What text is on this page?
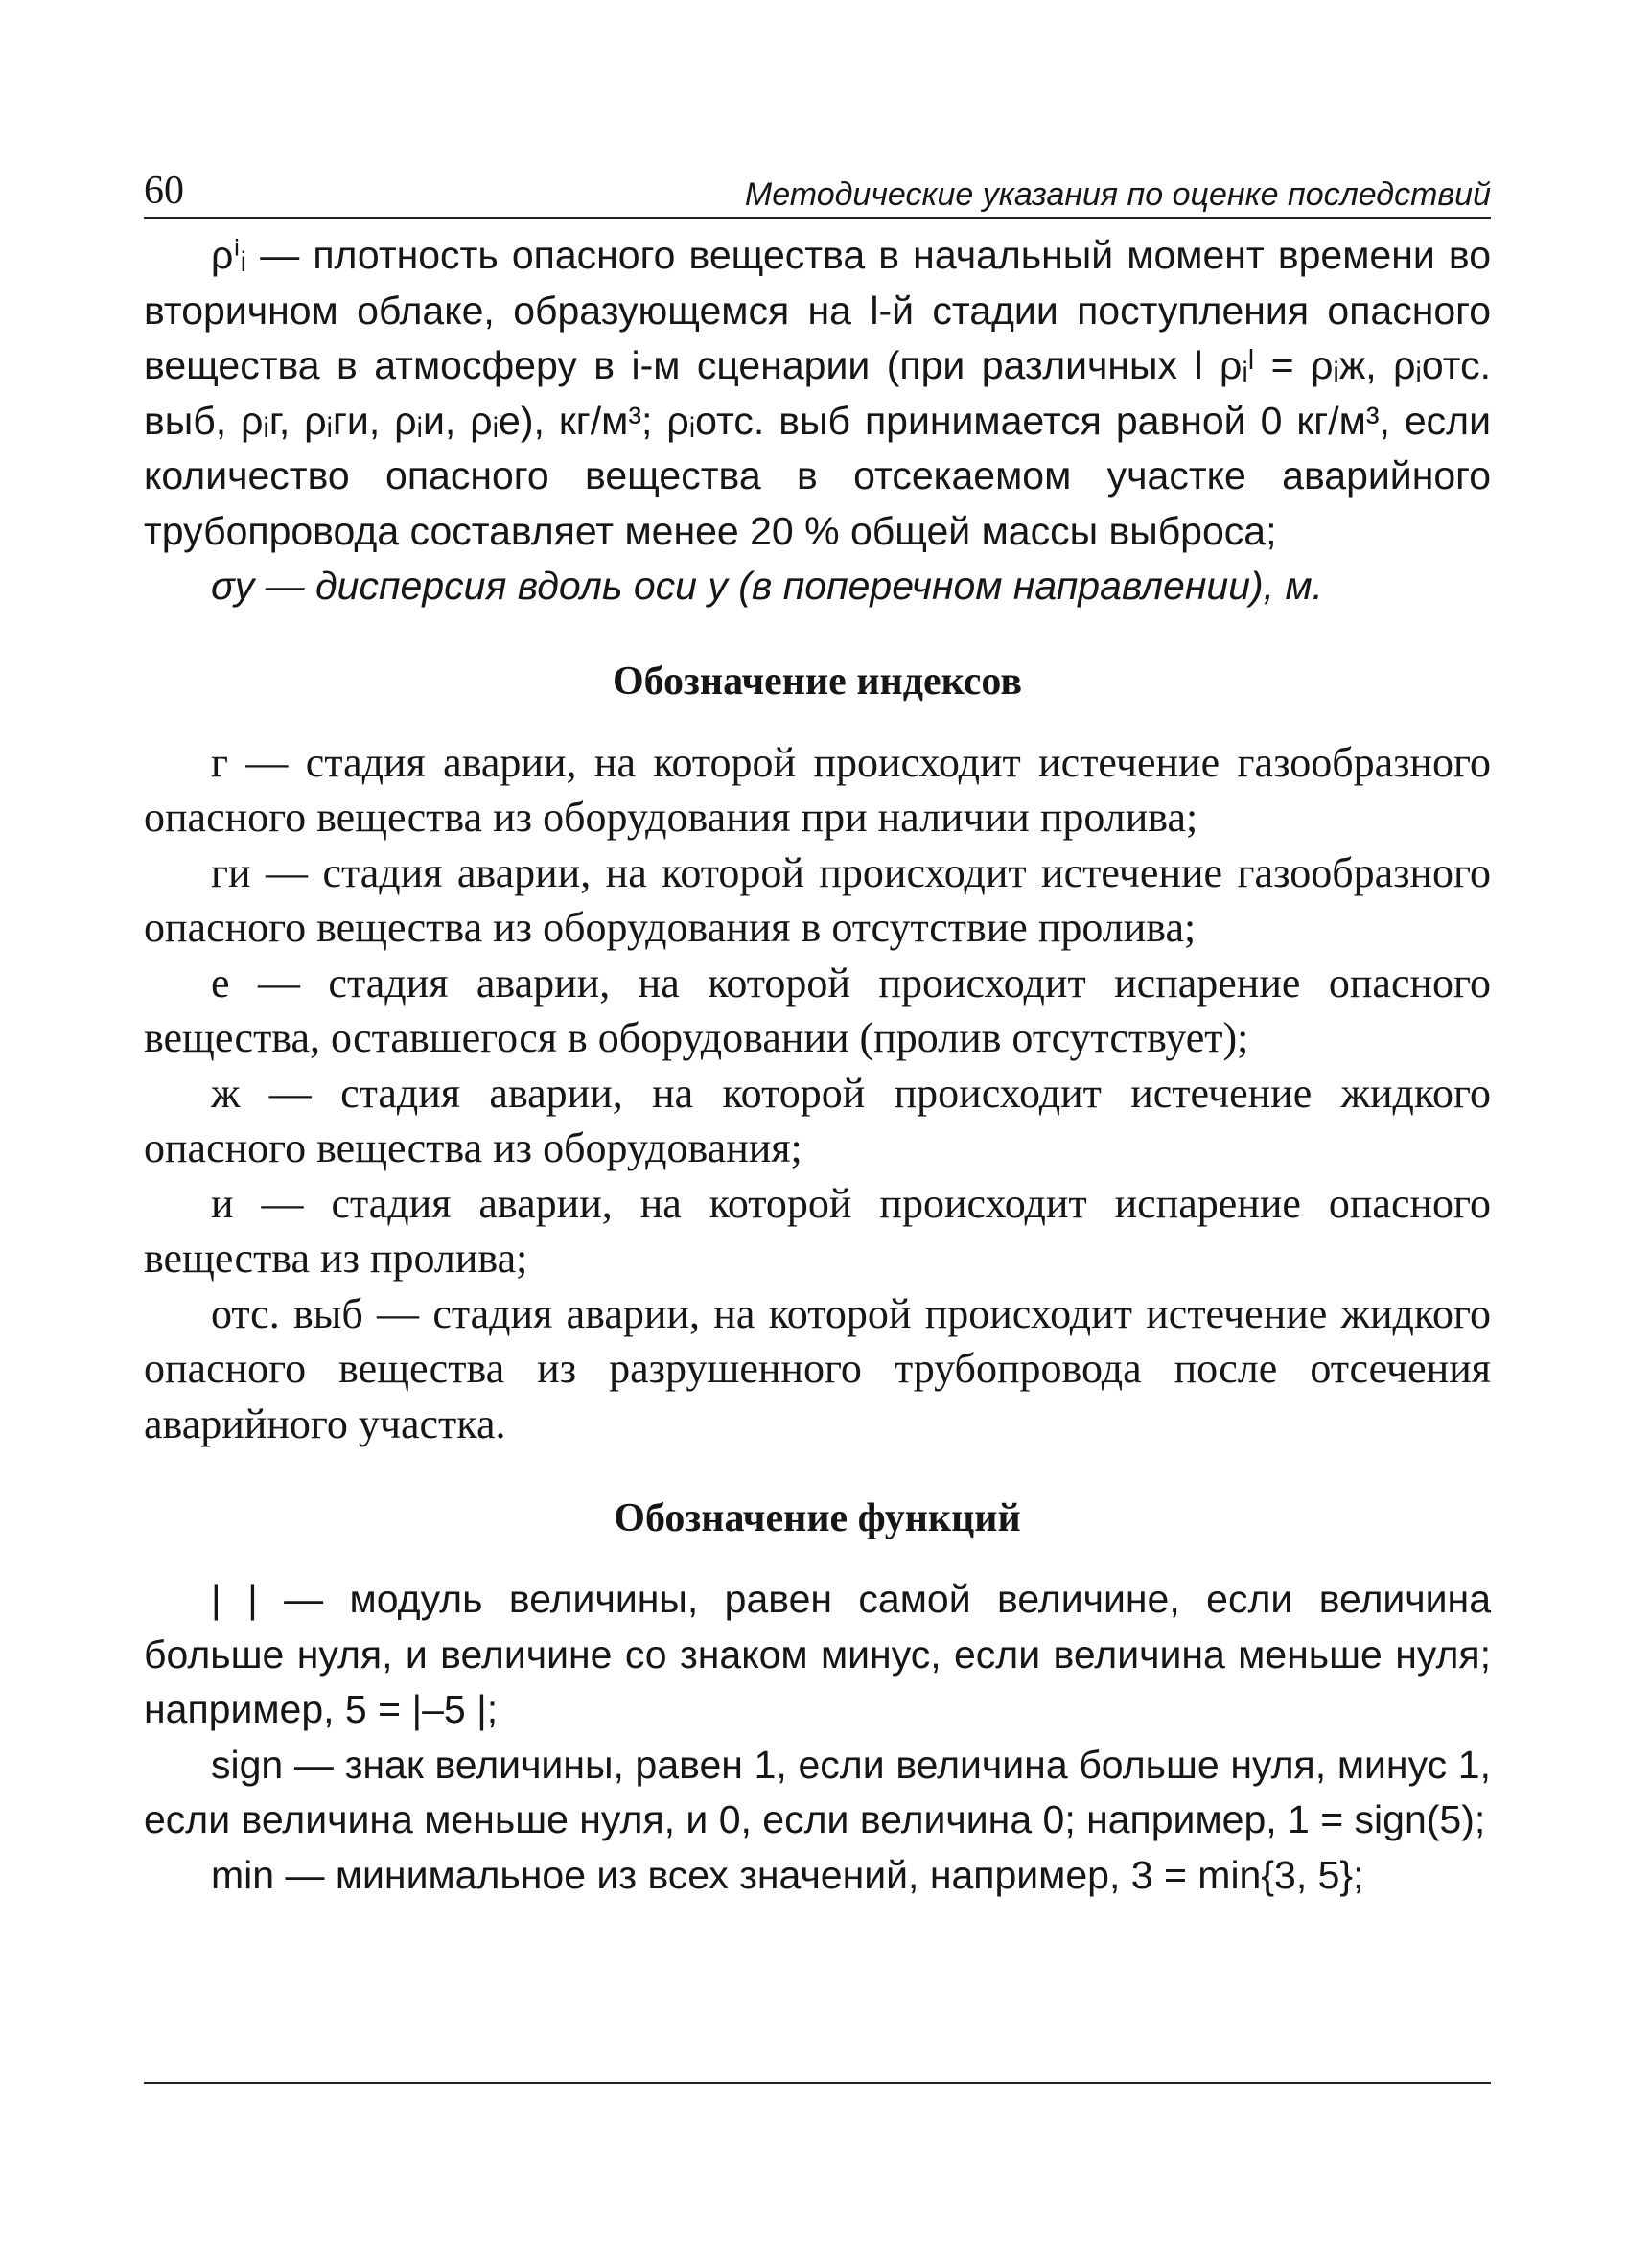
60	Методические указания по оценке последствий

ρⁱᵢ — плотность опасного вещества в начальный момент времени во вторичном облаке, образующемся на l-й стадии поступления опасного вещества в атмосферу в i-м сценарии (при различных l ρᵢˡ = ρᵢж, ρᵢотс. выб, ρᵢг, ρᵢги, ρᵢи, ρᵢе), кг/м³; ρᵢотс. выб принимается равной 0 кг/м³, если количество опасного вещества в отсекаемом участке аварийного трубопровода составляет менее 20 % общей массы выброса;

σy — дисперсия вдоль оси y (в поперечном направлении), м.

Обозначение индексов

г — стадия аварии, на которой происходит истечение газообразного опасного вещества из оборудования при наличии пролива;

ги — стадия аварии, на которой происходит истечение газообразного опасного вещества из оборудования в отсутствие пролива;

е — стадия аварии, на которой происходит испарение опасного вещества, оставшегося в оборудовании (пролив отсутствует);

ж — стадия аварии, на которой происходит истечение жидкого опасного вещества из оборудования;

и — стадия аварии, на которой происходит испарение опасного вещества из пролива;

отс. выб — стадия аварии, на которой происходит истечение жидкого опасного вещества из разрушенного трубопровода после отсечения аварийного участка.

Обозначение функций

| | — модуль величины, равен самой величине, если величина больше нуля, и величине со знаком минус, если величина меньше нуля; например, 5 = |–5 |;

sign — знак величины, равен 1, если величина больше нуля, минус 1, если величина меньше нуля, и 0, если величина 0; например, 1 = sign(5);

min — минимальное из всех значений, например, 3 = min{3, 5};
